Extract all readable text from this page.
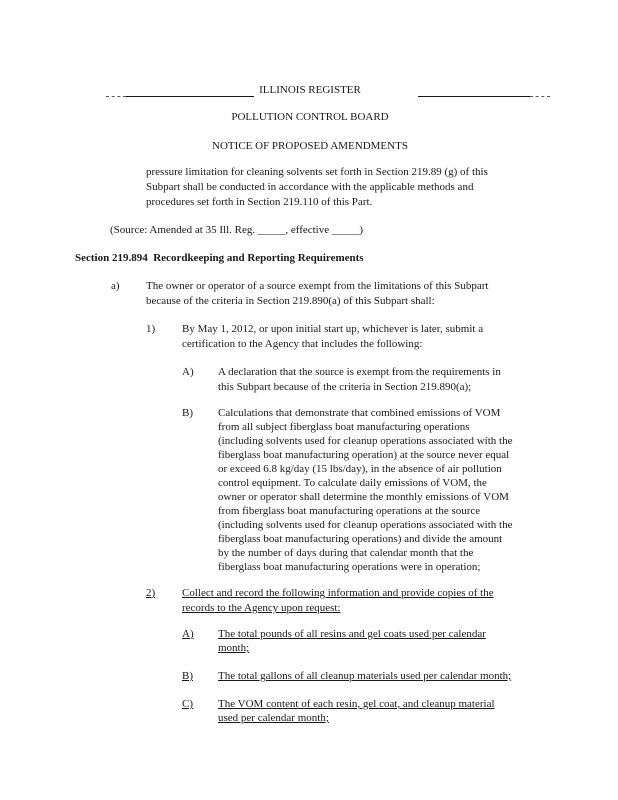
ILLINOIS REGISTER
POLLUTION CONTROL BOARD
NOTICE OF PROPOSED AMENDMENTS
pressure limitation for cleaning solvents set forth in Section 219.89 (g) of this
Subpart shall be conducted in accordance with the applicable methods and
procedures set forth in Section 219.110 of this Part.
(Source: Amended at 35 Ill. Reg. _____, effective _____)
Section 219.894 Recordkeeping and Reporting Requirements
a) The owner or operator of a source exempt from the limitations of this Subpart
because of the criteria in Section 219.890(a) of this Subpart shall:
1) By May 1, 2012, or upon initial start up, whichever is later, submit a
certification to the Agency that includes the following:
A) A declaration that the source is exempt from the requirements in
this Subpart because of the criteria in Section 219.890(a);
B) Calculations that demonstrate that combined emissions of VOM
from all subject fiberglass boat manufacturing operations
(including solvents used for cleanup operations associated with the
fiberglass boat manufacturing operation) at the source never equal
or exceed 6.8 kg/day (15 lbs/day), in the absence of air pollution
control equipment. To calculate daily emissions of VOM, the
owner or operator shall determine the monthly emissions of VOM
from fiberglass boat manufacturing operations at the source
(including solvents used for cleanup operations associated with the
fiberglass boat manufacturing operations) and divide the amount
by the number of days during that calendar month that the
fiberglass boat manufacturing operations were in operation;
2) Collect and record the following information and provide copies of the
records to the Agency upon request:
A) The total pounds of all resins and gel coats used per calendar
month;
B) The total gallons of all cleanup materials used per calendar month;
C) The VOM content of each resin, gel coat, and cleanup material
used per calendar month;
